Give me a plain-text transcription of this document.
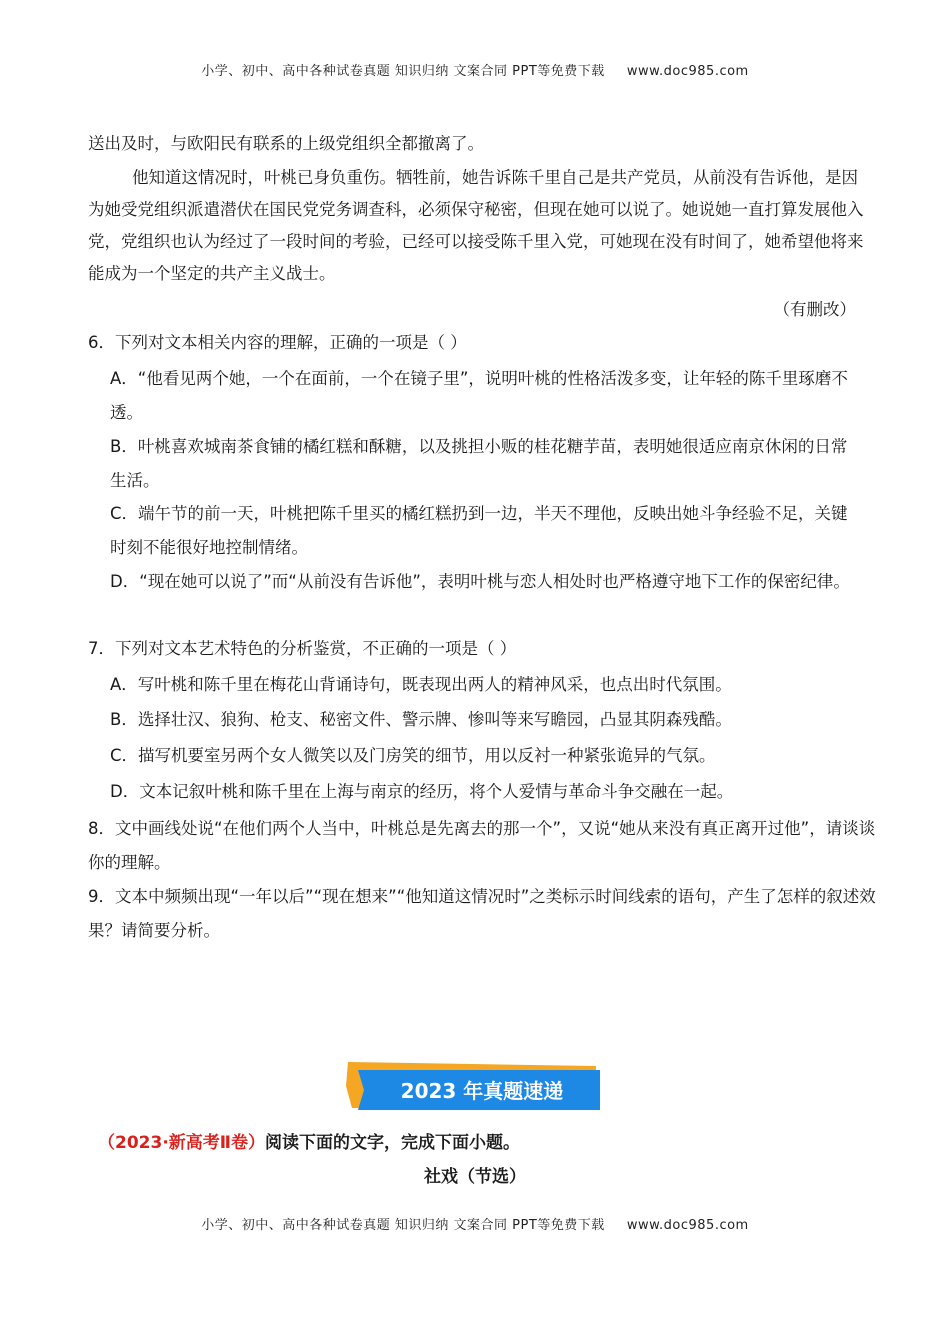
小学、初中、高中各种试卷真题 知识归纳 文案合同 PPT等免费下载 www.doc985.com
送出及时，与欧阳民有联系的上级党组织全都撤离了。
他知道这情况时，叶桃已身负重伤。牺牲前，她告诉陈千里自己是共产党员，从前没有告诉他，是因为她受党组织派遣潜伏在国民党党务调查科，必须保守秘密，但现在她可以说了。她说她一直打算发展他入党，党组织也认为经过了一段时间的考验，已经可以接受陈千里入党，可她现在没有时间了，她希望他将来能成为一个坚定的共产主义战士。
（有删改）
6．下列对文本相关内容的理解，正确的一项是（ ）
A．“他看见两个她，一个在面前，一个在镜子里”，说明叶桃的性格活泼多变，让年轻的陈千里琢磨不透。
B．叶桃喜欢城南茶食铺的橘红糕和酥糖，以及挑担小贩的桂花糖芋苗，表明她很适应南京休闲的日常生活。
C．端午节的前一天，叶桃把陈千里买的橘红糕扔到一边，半天不理他，反映出她斗争经验不足，关键时刻不能很好地控制情绪。
D．“现在她可以说了”而“从前没有告诉他”，表明叶桃与恋人相处时也严格遵守地下工作的保密纪律。
7．下列对文本艺术特色的分析鉴赏，不正确的一项是（ ）
A．写叶桃和陈千里在梅花山背诵诗句，既表现出两人的精神风采，也点出时代氛围。
B．选择壮汉、狼狗、枪支、秘密文件、警示牌、惨叫等来写瞻园，凸显其阴森残酷。
C．描写机要室另两个女人微笑以及门房笑的细节，用以反衬一种紧张诡异的气氛。
D．文本记叙叶桃和陈千里在上海与南京的经历，将个人爱情与革命斗争交融在一起。
8．文中画线处说“在他们两个人当中，叶桃总是先离去的那一个”，又说“她从来没有真正离开过他”，请谈谈你的理解。
9．文本中频频出现“一年以后”“现在想来”“他知道这情况时”之类标示时间线索的语句，产生了怎样的叙述效果？请简要分析。
2023 年真题速递
（2023·新高考Ⅱ卷）阅读下面的文字，完成下面小题。
社戏（节选）
小学、初中、高中各种试卷真题 知识归纳 文案合同 PPT等免费下载 www.doc985.com
